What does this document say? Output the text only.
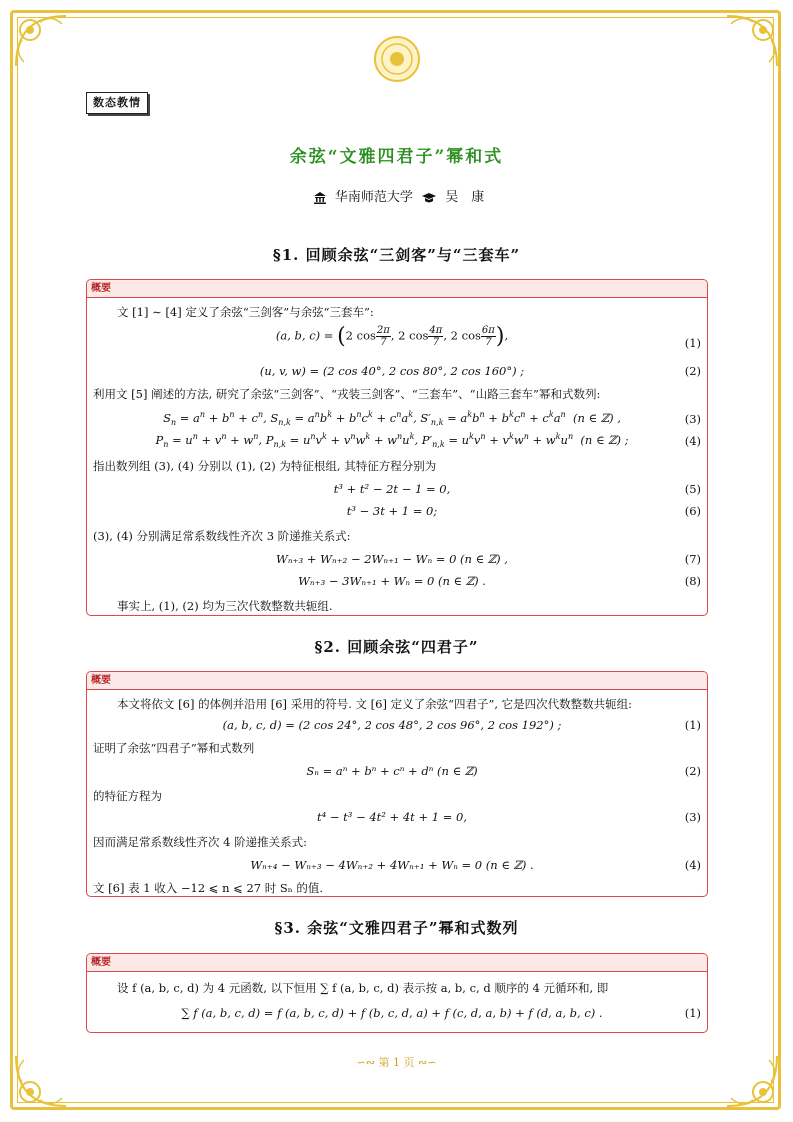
数态教情
余弦“文雅四君子”幂和式
华南师范大学 吴　康
§1. 回顾余弦“三剑客”与“三套车”
概要
文 [1] ∼ [4] 定义了余弦“三剑客”与余弦“三套车”:
(a, b, c) = (2 $\cos \frac{2\pi}{7}$ , 2 $\cos \frac{4\pi}{7}$ , 2 $\cos \frac{6\pi}{7}$ ),
(1)
(u, v, w) = (2 cos 40°, 2 cos 80°, 2 cos 160°) ;	(2)
利用文 [5] 阐述的方法, 研究了余弦“三剑客”、“戎装三剑客”、“三套车”、“山路三套车”幂和式数列:
$S_n = a^n + b^n + c^n$, $S_{n,k} = a^nb^k + b^nc^k + c^na^k$, $S'_{n,k} = a^kb^n + b^kc^n + c^ka^n$  (n ∈ ℤ) ,	(3)
$P_n = u^n + v^n + w^n$, $P_{n,k} = u^nv^k + v^nw^k + w^nu^k$, $P'_{n,k} = u^kv^n + v^kw^n + w^ku^n$  (n ∈ ℤ) ;	(4)
指出数列组 (3), (4) 分别以 (1), (2) 为特征根组, 其特征方程分别为
t³ + t² − 2t − 1 = 0,	(5)
t³ − 3t + 1 = 0;	(6)
(3), (4) 分别满足常系数线性齐次 3 阶递推关系式:
Wₙ₊₃ + Wₙ₊₂ − 2Wₙ₊₁ − Wₙ = 0 (n ∈ ℤ) ,	(7)
Wₙ₊₃ − 3Wₙ₊₁ + Wₙ = 0 (n ∈ ℤ) .	(8)
事实上, (1), (2) 均为三次代数整数共轭组.
§2. 回顾余弦“四君子”
概要
本文将依文 [6] 的体例并沿用 [6] 采用的符号. 文 [6] 定义了余弦“四君子”, 它是四次代数整数共轭组:
(a, b, c, d) = (2 cos 24°, 2 cos 48°, 2 cos 96°, 2 cos 192°) ;	(1)
证明了余弦“四君子”幂和式数列
Sₙ = aⁿ + bⁿ + cⁿ + dⁿ (n ∈ ℤ)	(2)
的特征方程为
t⁴ − t³ − 4t² + 4t + 1 = 0,	(3)
因而满足常系数线性齐次 4 阶递推关系式:
Wₙ₊₄ − Wₙ₊₃ − 4Wₙ₊₂ + 4Wₙ₊₁ + Wₙ = 0 (n ∈ ℤ) .	(4)
文 [6] 表 1 收入 −12 ⩽ n ⩽ 27 时 Sₙ 的值.
§3. 余弦“文雅四君子”幂和式数列
概要
设 f (a, b, c, d) 为 4 元函数, 以下恒用 ∑ f (a, b, c, d) 表示按 a, b, c, d 顺序的 4 元循环和, 即
∑ f (a, b, c, d) = f (a, b, c, d) + f (b, c, d, a) + f (c, d, a, b) + f (d, a, b, c) .	(1)
∽∾ 第 1 页 ∾∽
